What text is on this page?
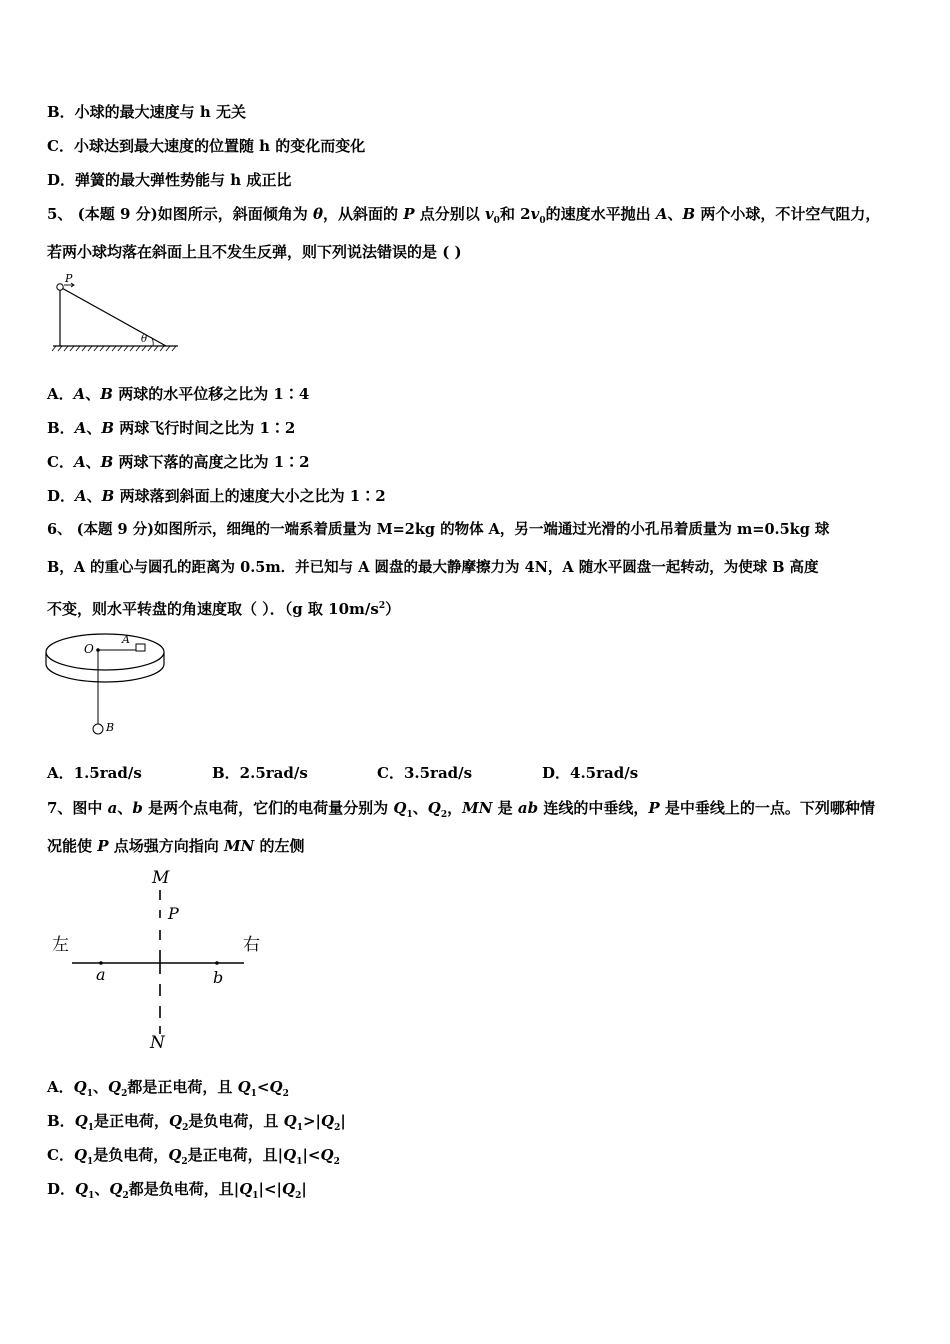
B．小球的最大速度与 h 无关
C．小球达到最大速度的位置随 h 的变化而变化
D．弹簧的最大弹性势能与 h 成正比
5、 (本题 9 分)如图所示，斜面倾角为 θ，从斜面的 P 点分别以 $v_0$和 $2v_0$的速度水平抛出 A、B 两个小球，不计空气阻力，
若两小球均落在斜面上且不发生反弹，则下列说法错误的是 ( )
P
θ
A．A、B 两球的水平位移之比为 1∶4
B．A、B 两球飞行时间之比为 1∶2
C．A、B 两球下落的高度之比为 1∶2
D．A、B 两球落到斜面上的速度大小之比为 1∶2
6、 (本题 9 分)如图所示，细绳的一端系着质量为 M=2kg 的物体 A，另一端通过光滑的小孔吊着质量为 m=0.5kg 球
B，A 的重心与圆孔的距离为 0.5m．并已知与 A 圆盘的最大静摩擦力为 4N，A 随水平圆盘一起转动，为使球 B 高度
不变，则水平转盘的角速度取（ ）．（g 取 $10m/s^2$）
O
A
B
A．1.5rad/s	B．2.5rad/s	C．3.5rad/s	D．4.5rad/s
7、图中 a、b 是两个点电荷，它们的电荷量分别为 $Q_1$、$Q_2$，MN 是 ab 连线的中垂线，P 是中垂线上的一点。下列哪种情
况能使 P 点场强方向指向 MN 的左侧
M
P
左	右
a	b
N
A．$Q_1$、$Q_2$都是正电荷，且 $Q_1<Q_2$
B．$Q_1$是正电荷，$Q_2$是负电荷，且 $Q_1>|Q_2|$
C．$Q_1$是负电荷，$Q_2$是正电荷，且$|Q_1|<Q_2$
D．$Q_1$、$Q_2$都是负电荷，且$|Q_1|<|Q_2|$
